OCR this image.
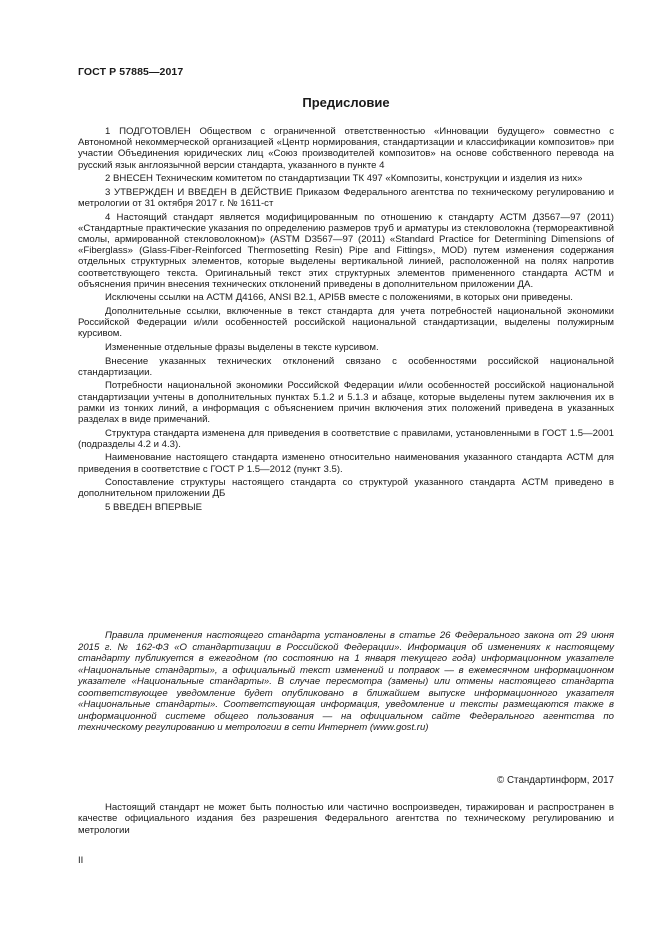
ГОСТ Р 57885—2017
Предисловие

1 ПОДГОТОВЛЕН Обществом с ограниченной ответственностью «Инновации будущего» совместно с Автономной некоммерческой организацией «Центр нормирования, стандартизации и классификации композитов» при участии Объединения юридических лиц «Союз производителей композитов» на основе собственного перевода на русский язык англоязычной версии стандарта, указанного в пункте 4

2 ВНЕСЕН Техническим комитетом по стандартизации ТК 497 «Композиты, конструкции и изделия из них»

3 УТВЕРЖДЕН И ВВЕДЕН В ДЕЙСТВИЕ Приказом Федерального агентства по техническому регулированию и метрологии от 31 октября 2017 г. № 1611-ст

4 Настоящий стандарт является модифицированным по отношению к стандарту АСТМ Д3567—97 (2011) «Стандартные практические указания по определению размеров труб и арматуры из стекловолокна (термореактивной смолы, армированной стекловолокном)» (ASTM D3567—97 (2011) «Standard Practice for Determining Dimensions of «Fiberglass» (Glass-Fiber-Reinforced Thermosetting Resin) Pipe and Fittings», MOD) путем изменения содержания отдельных структурных элементов, которые выделены вертикальной линией, расположенной на полях напротив соответствующего текста. Оригинальный текст этих структурных элементов примененного стандарта АСТМ и объяснения причин внесения технических отклонений приведены в дополнительном приложении ДА.

Исключены ссылки на АСТМ Д4166, ANSI B2.1, API5B вместе с положениями, в которых они приведены.

Дополнительные ссылки, включенные в текст стандарта для учета потребностей национальной экономики Российской Федерации и/или особенностей российской национальной стандартизации, выделены полужирным курсивом.

Измененные отдельные фразы выделены в тексте курсивом.

Внесение указанных технических отклонений связано с особенностями российской национальной стандартизации.

Потребности национальной экономики Российской Федерации и/или особенностей российской национальной стандартизации учтены в дополнительных пунктах 5.1.2 и 5.1.3 и абзаце, которые выделены путем заключения их в рамки из тонких линий, а информация с объяснением причин включения этих положений приведена в указанных разделах в виде примечаний.

Структура стандарта изменена для приведения в соответствие с правилами, установленными в ГОСТ 1.5—2001 (подразделы 4.2 и 4.3).

Наименование настоящего стандарта изменено относительно наименования указанного стандарта АСТМ для приведения в соответствие с ГОСТ Р 1.5—2012 (пункт 3.5).

Сопоставление структуры настоящего стандарта со структурой указанного стандарта АСТМ приведено в дополнительном приложении ДБ

5 ВВЕДЕН ВПЕРВЫЕ

Правила применения настоящего стандарта установлены в статье 26 Федерального закона от 29 июня 2015 г. № 162-ФЗ «О стандартизации в Российской Федерации». Информация об изменениях к настоящему стандарту публикуется в ежегодном (по состоянию на 1 января текущего года) информационном указателе «Национальные стандарты», а официальный текст изменений и поправок — в ежемесячном информационном указателе «Национальные стандарты». В случае пересмотра (замены) или отмены настоящего стандарта соответствующее уведомление будет опубликовано в ближайшем выпуске информационного указателя «Национальные стандарты». Соответствующая информация, уведомление и тексты размещаются также в информационной системе общего пользования — на официальном сайте Федерального агентства по техническому регулированию и метрологии в сети Интернет (www.gost.ru)

© Стандартинформ, 2017

Настоящий стандарт не может быть полностью или частично воспроизведен, тиражирован и распространен в качестве официального издания без разрешения Федерального агентства по техническому регулированию и метрологии

II
